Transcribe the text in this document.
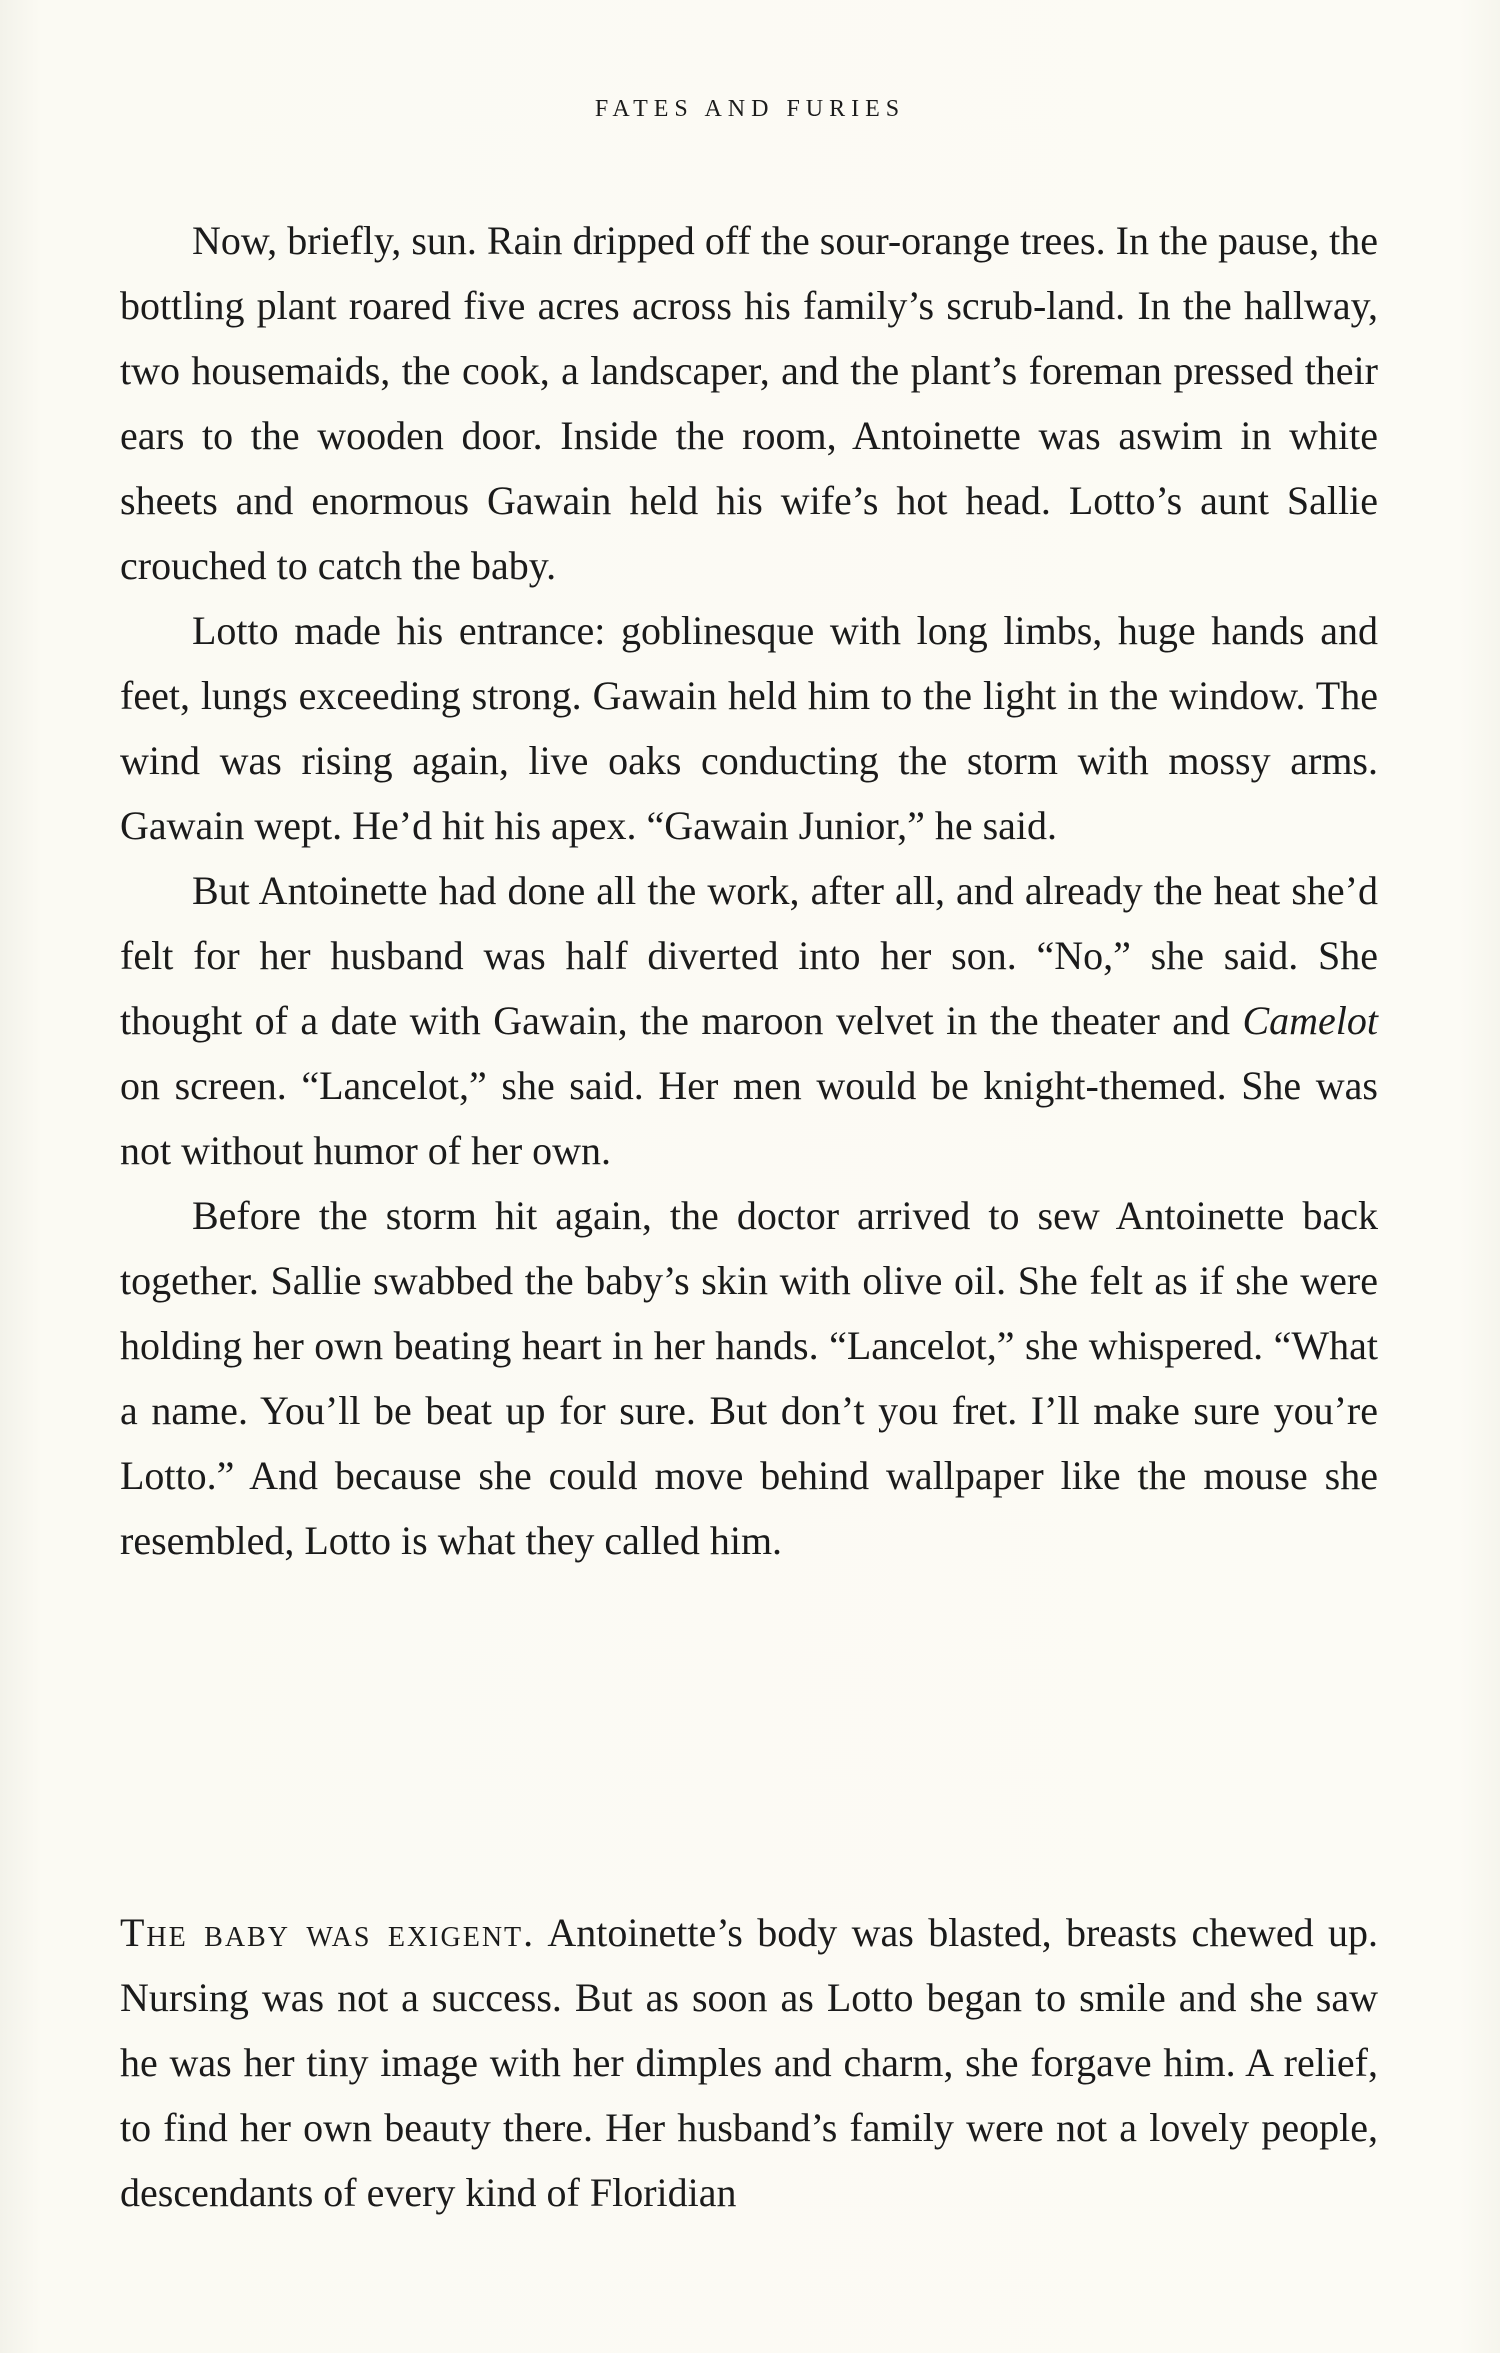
FATES AND FURIES

Now, briefly, sun. Rain dripped off the sour-orange trees. In the pause, the bottling plant roared five acres across his family’s scrub-land. In the hallway, two housemaids, the cook, a landscaper, and the plant’s foreman pressed their ears to the wooden door. Inside the room, Antoinette was aswim in white sheets and enormous Gawain held his wife’s hot head. Lotto’s aunt Sallie crouched to catch the baby.

Lotto made his entrance: goblinesque with long limbs, huge hands and feet, lungs exceeding strong. Gawain held him to the light in the window. The wind was rising again, live oaks conducting the storm with mossy arms. Gawain wept. He’d hit his apex. “Gawain Junior,” he said.

But Antoinette had done all the work, after all, and already the heat she’d felt for her husband was half diverted into her son. “No,” she said. She thought of a date with Gawain, the maroon velvet in the theater and Camelot on screen. “Lancelot,” she said. Her men would be knight-themed. She was not without humor of her own.

Before the storm hit again, the doctor arrived to sew Antoinette back together. Sallie swabbed the baby’s skin with olive oil. She felt as if she were holding her own beating heart in her hands. “Lancelot,” she whispered. “What a name. You’ll be beat up for sure. But don’t you fret. I’ll make sure you’re Lotto.” And because she could move behind wallpaper like the mouse she resembled, Lotto is what they called him.

The baby was exigent. Antoinette’s body was blasted, breasts chewed up. Nursing was not a success. But as soon as Lotto began to smile and she saw he was her tiny image with her dimples and charm, she forgave him. A relief, to find her own beauty there. Her husband’s family were not a lovely people, descendants of every kind of Floridian
